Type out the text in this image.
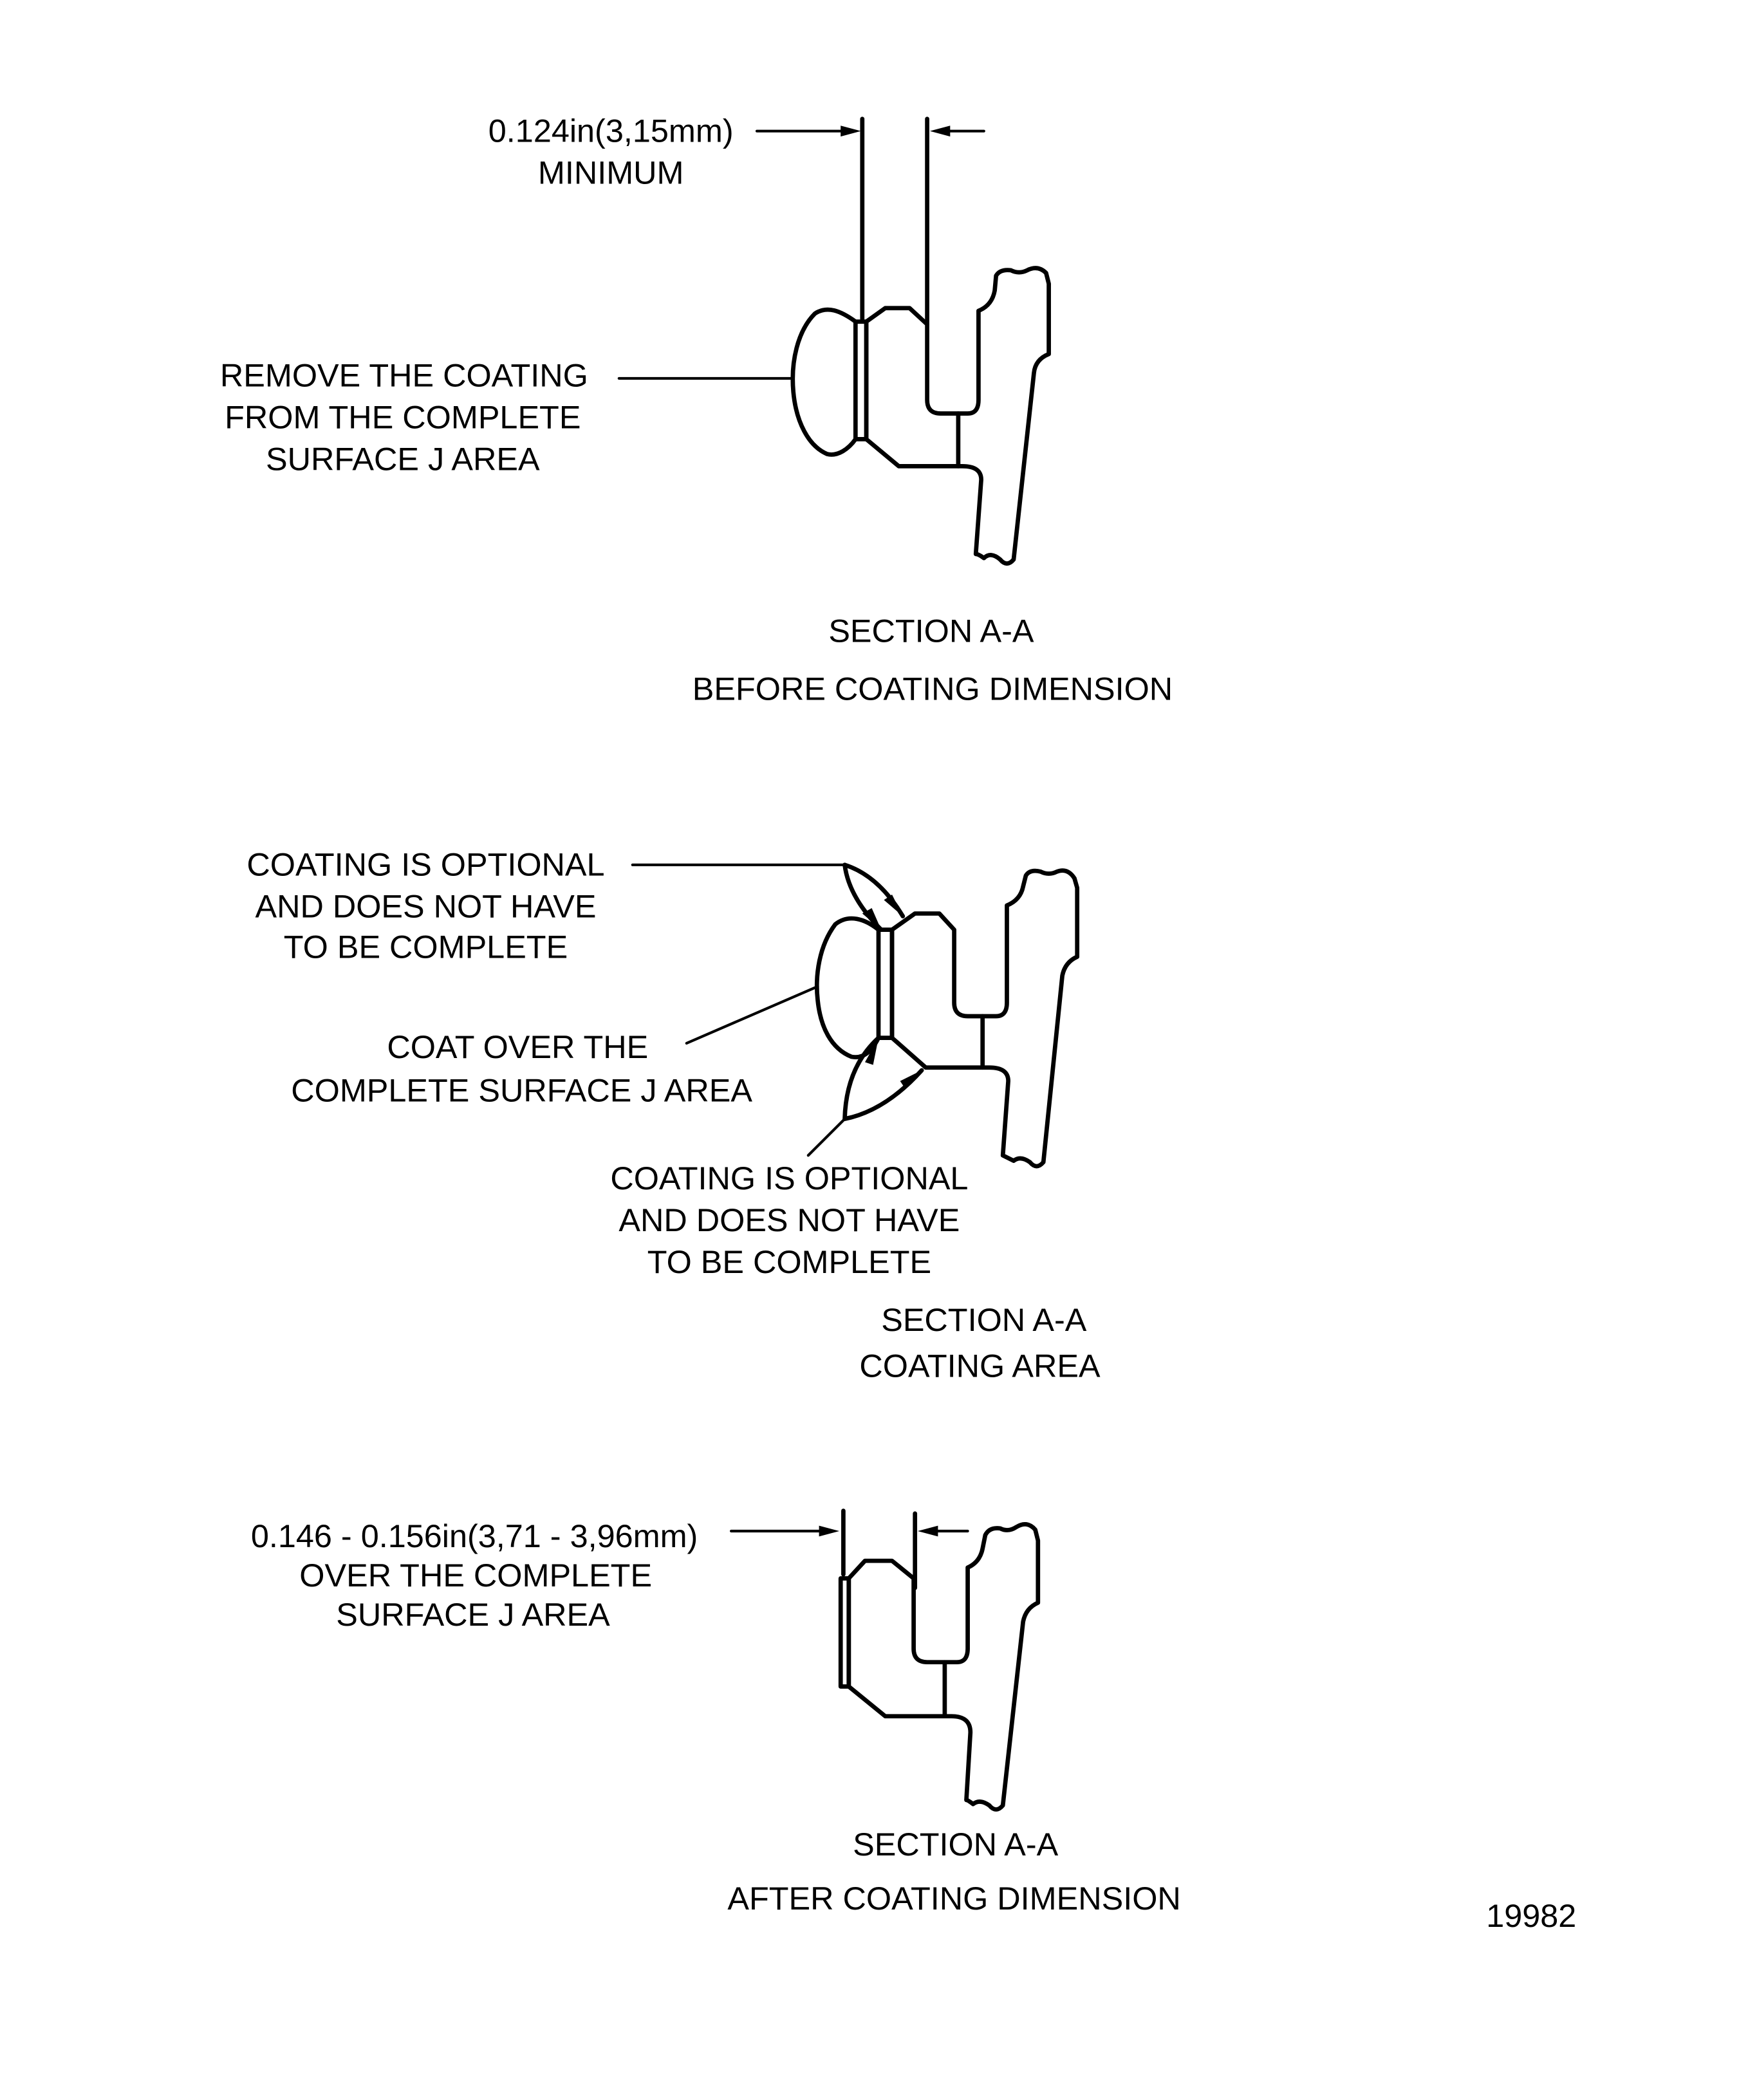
0.124in(3,15mm)
MINIMUM
REMOVE THE COATING
FROM THE COMPLETE
SURFACE J AREA
SECTION A-A
BEFORE COATING DIMENSION
COATING IS OPTIONAL
AND DOES NOT HAVE
TO BE COMPLETE
COAT OVER THE
COMPLETE SURFACE J AREA
COATING IS OPTIONAL
AND DOES NOT HAVE
TO BE COMPLETE
SECTION A-A
COATING AREA
0.146 - 0.156in(3,71 - 3,96mm)
OVER THE COMPLETE
SURFACE J AREA
SECTION A-A
AFTER COATING DIMENSION	19982
